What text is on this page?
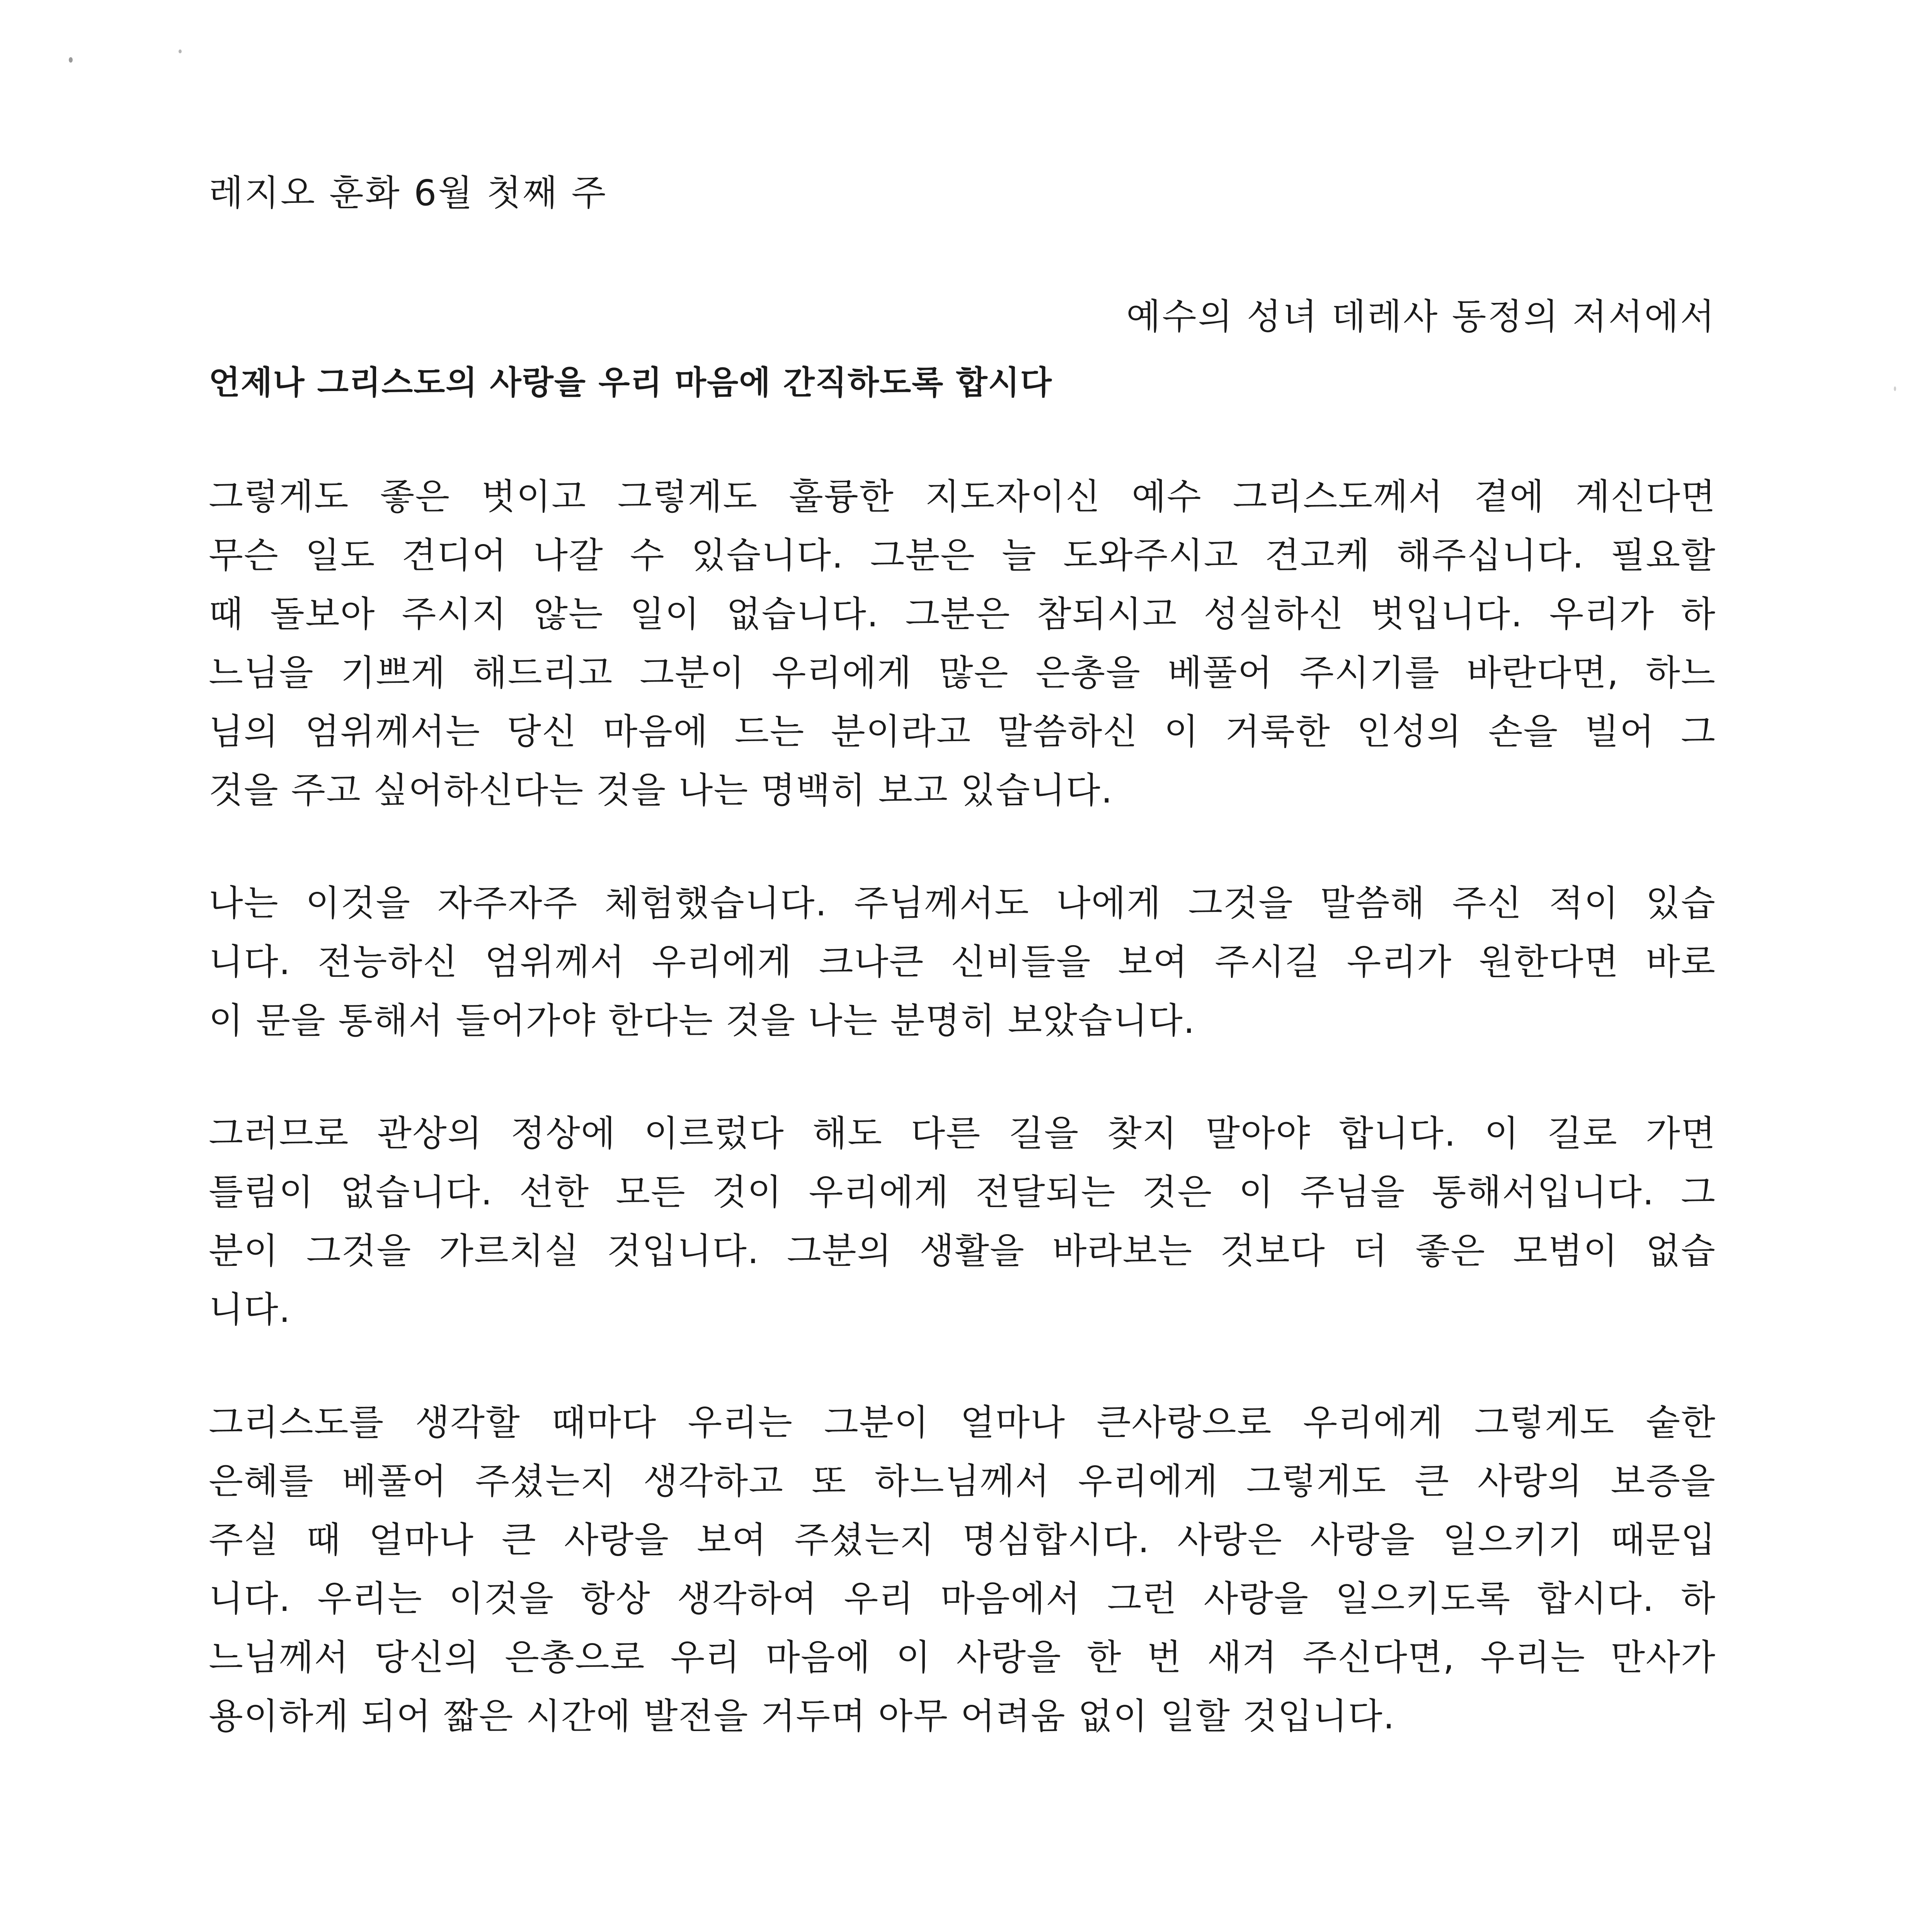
레지오 훈화 6월 첫째 주
예수의 성녀 데레사 동정의 저서에서
언제나 그리스도의 사랑을 우리 마음에 간직하도록 합시다
그렇게도 좋은 벗이고 그렇게도 훌륭한 지도자이신 예수 그리스도께서 곁에 계신다면
무슨 일도 견디어 나갈 수 있습니다. 그분은 늘 도와주시고 견고케 해주십니다. 필요할
때 돌보아 주시지 않는 일이 없습니다. 그분은 참되시고 성실하신 벗입니다. 우리가 하
느님을 기쁘게 해드리고 그분이 우리에게 많은 은총을 베풀어 주시기를 바란다면, 하느
님의 엄위께서는 당신 마음에 드는 분이라고 말씀하신 이 거룩한 인성의 손을 빌어 그
것을 주고 싶어하신다는 것을 나는 명백히 보고 있습니다.
나는 이것을 자주자주 체험했습니다. 주님께서도 나에게 그것을 말씀해 주신 적이 있습
니다. 전능하신 엄위께서 우리에게 크나큰 신비들을 보여 주시길 우리가 원한다면 바로
이 문을 통해서 들어가야 한다는 것을 나는 분명히 보았습니다.
그러므로 관상의 정상에 이르렀다 해도 다른 길을 찾지 말아야 합니다. 이 길로 가면
틀림이 없습니다. 선한 모든 것이 우리에게 전달되는 것은 이 주님을 통해서입니다. 그
분이 그것을 가르치실 것입니다. 그분의 생활을 바라보는 것보다 더 좋은 모범이 없습
니다.
그리스도를 생각할 때마다 우리는 그분이 얼마나 큰사랑으로 우리에게 그렇게도 숱한
은혜를 베풀어 주셨는지 생각하고 또 하느님께서 우리에게 그렇게도 큰 사랑의 보증을
주실 때 얼마나 큰 사랑을 보여 주셨는지 명심합시다. 사랑은 사랑을 일으키기 때문입
니다. 우리는 이것을 항상 생각하여 우리 마음에서 그런 사랑을 일으키도록 합시다. 하
느님께서 당신의 은총으로 우리 마음에 이 사랑을 한 번 새겨 주신다면, 우리는 만사가
용이하게 되어 짧은 시간에 발전을 거두며 아무 어려움 없이 일할 것입니다.
